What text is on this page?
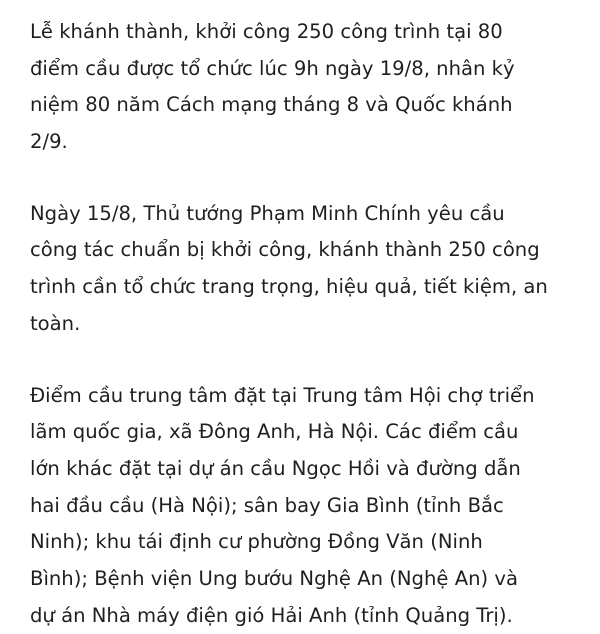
Lễ khánh thành, khởi công 250 công trình tại 80
điểm cầu được tổ chức lúc 9h ngày 19/8, nhân kỷ
niệm 80 năm Cách mạng tháng 8 và Quốc khánh
2/9.

Ngày 15/8, Thủ tướng Phạm Minh Chính yêu cầu
công tác chuẩn bị khởi công, khánh thành 250 công
trình cần tổ chức trang trọng, hiệu quả, tiết kiệm, an
toàn.

Điểm cầu trung tâm đặt tại Trung tâm Hội chợ triển
lãm quốc gia, xã Đông Anh, Hà Nội. Các điểm cầu
lớn khác đặt tại dự án cầu Ngọc Hồi và đường dẫn
hai đầu cầu (Hà Nội); sân bay Gia Bình (tỉnh Bắc
Ninh); khu tái định cư phường Đồng Văn (Ninh
Bình); Bệnh viện Ung bướu Nghệ An (Nghệ An) và
dự án Nhà máy điện gió Hải Anh (tỉnh Quảng Trị).
